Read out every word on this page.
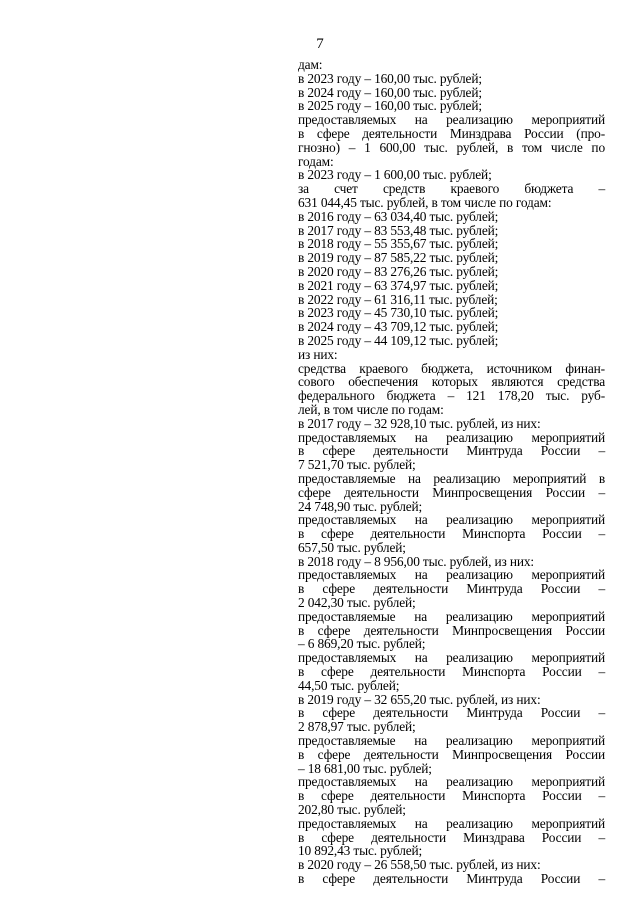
7
дам:
в 2023 году – 160,00 тыс. рублей;
в 2024 году – 160,00 тыс. рублей;
в 2025 году – 160,00 тыс. рублей;
предоставляемых на реализацию мероприятий
в сфере деятельности Минздрава России (про-
гнозно) – 1 600,00 тыс. рублей, в том числе по
годам:
в 2023 году – 1 600,00 тыс. рублей;
за счет средств краевого бюджета –
631 044,45 тыс. рублей, в том числе по годам:
в 2016 году – 63 034,40 тыс. рублей;
в 2017 году – 83 553,48 тыс. рублей;
в 2018 году – 55 355,67 тыс. рублей;
в 2019 году – 87 585,22 тыс. рублей;
в 2020 году – 83 276,26 тыс. рублей;
в 2021 году – 63 374,97 тыс. рублей;
в 2022 году – 61 316,11 тыс. рублей;
в 2023 году – 45 730,10 тыс. рублей;
в 2024 году – 43 709,12 тыс. рублей;
в 2025 году – 44 109,12 тыс. рублей;
из них:
средства краевого бюджета, источником финан-
сового обеспечения которых являются средства
федерального бюджета – 121 178,20 тыс. руб-
лей, в том числе по годам:
в 2017 году – 32 928,10 тыс. рублей, из них:
предоставляемых на реализацию мероприятий
в сфере деятельности Минтруда России –
7 521,70 тыс. рублей;
предоставляемые на реализацию мероприятий в
сфере деятельности Минпросвещения России –
24 748,90 тыс. рублей;
предоставляемых на реализацию мероприятий
в сфере деятельности Минспорта России –
657,50 тыс. рублей;
в 2018 году – 8 956,00 тыс. рублей, из них:
предоставляемых на реализацию мероприятий
в сфере деятельности Минтруда России –
2 042,30 тыс. рублей;
предоставляемые на реализацию мероприятий
в сфере деятельности Минпросвещения России
– 6 869,20 тыс. рублей;
предоставляемых на реализацию мероприятий
в сфере деятельности Минспорта России –
44,50 тыс. рублей;
в 2019 году – 32 655,20 тыс. рублей, из них:
в сфере деятельности Минтруда России –
2 878,97 тыс. рублей;
предоставляемые на реализацию мероприятий
в сфере деятельности Минпросвещения России
– 18 681,00 тыс. рублей;
предоставляемых на реализацию мероприятий
в сфере деятельности Минспорта России –
202,80 тыс. рублей;
предоставляемых на реализацию мероприятий
в сфере деятельности Минздрава России –
10 892,43 тыс. рублей;
в 2020 году – 26 558,50 тыс. рублей, из них:
в сфере деятельности Минтруда России –
